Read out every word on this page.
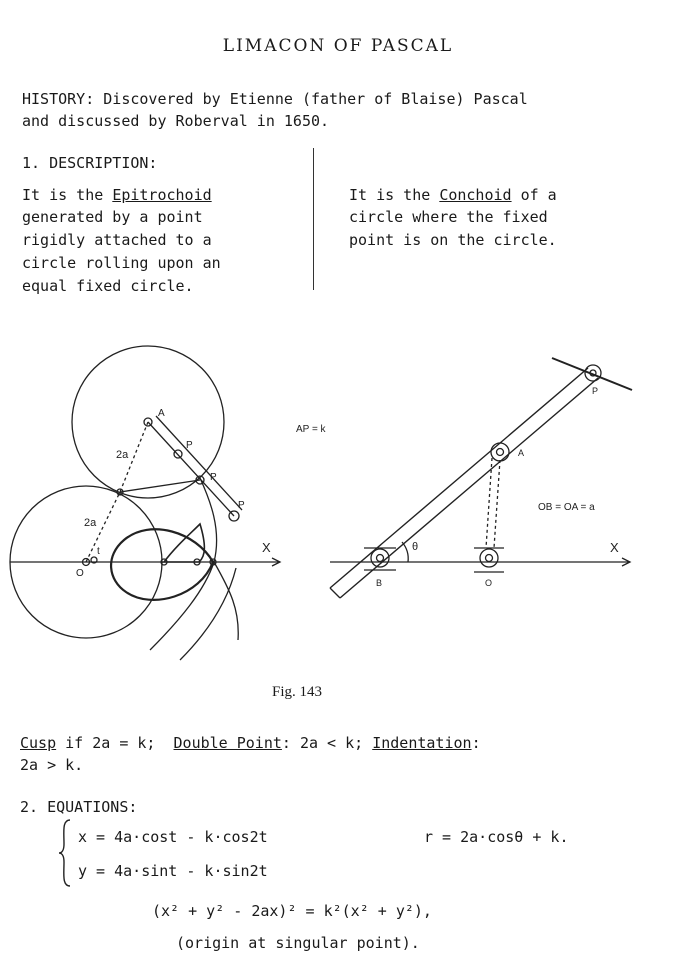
LIMACON OF PASCAL
HISTORY: Discovered by Etienne (father of Blaise) Pascal
and discussed by Roberval in 1650.
1. DESCRIPTION:
It is the Epitrochoid
generated by a point
rigidly attached to a
circle rolling upon an
equal fixed circle.
It is the Conchoid of a
circle where the fixed
point is on the circle.
A
P
P
P
2a
2a
t
O
X
AP = k
OB = OA = a
P
A
B	O
θ	X
Fig. 143
Cusp if 2a = k;  Double Point: 2a < k; Indentation:
2a > k.
2. EQUATIONS:
x = 4a·cost - k·cos2t
y = 4a·sint - k·sin2t
r = 2a·cosθ + k.
(x² + y² - 2ax)² = k²(x² + y²),
(origin at singular point).
